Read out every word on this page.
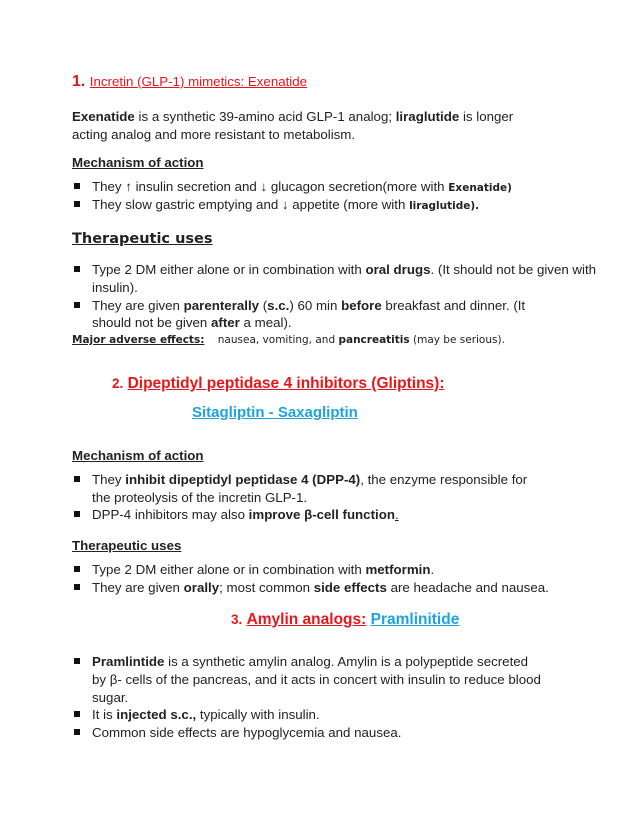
1. Incretin (GLP-1) mimetics: Exenatide
Exenatide is a synthetic 39-amino acid GLP-1 analog; liraglutide is longer
acting analog and more resistant to metabolism.
Mechanism of action
They ↑ insulin secretion and ↓ glucagon secretion(more with Exenatide)
They slow gastric emptying and ↓ appetite (more with liraglutide).
Therapeutic uses
Type 2 DM either alone or in combination with oral drugs. (It should not be given with
insulin).
They are given parenterally (s.c.) 60 min before breakfast and dinner. (It
should not be given after a meal).
Major adverse effects: nausea, vomiting, and pancreatitis (may be serious).
2. Dipeptidyl peptidase 4 inhibitors (Gliptins):
Sitagliptin - Saxagliptin
Mechanism of action
They inhibit dipeptidyl peptidase 4 (DPP-4), the enzyme responsible for
the proteolysis of the incretin GLP-1.
DPP-4 inhibitors may also improve β-cell function.
Therapeutic uses
Type 2 DM either alone or in combination with metformin.
They are given orally; most common side effects are headache and nausea.
3. Amylin analogs: Pramlinitide
Pramlintide is a synthetic amylin analog. Amylin is a polypeptide secreted
by β- cells of the pancreas, and it acts in concert with insulin to reduce blood
sugar.
It is injected s.c., typically with insulin.
Common side effects are hypoglycemia and nausea.
